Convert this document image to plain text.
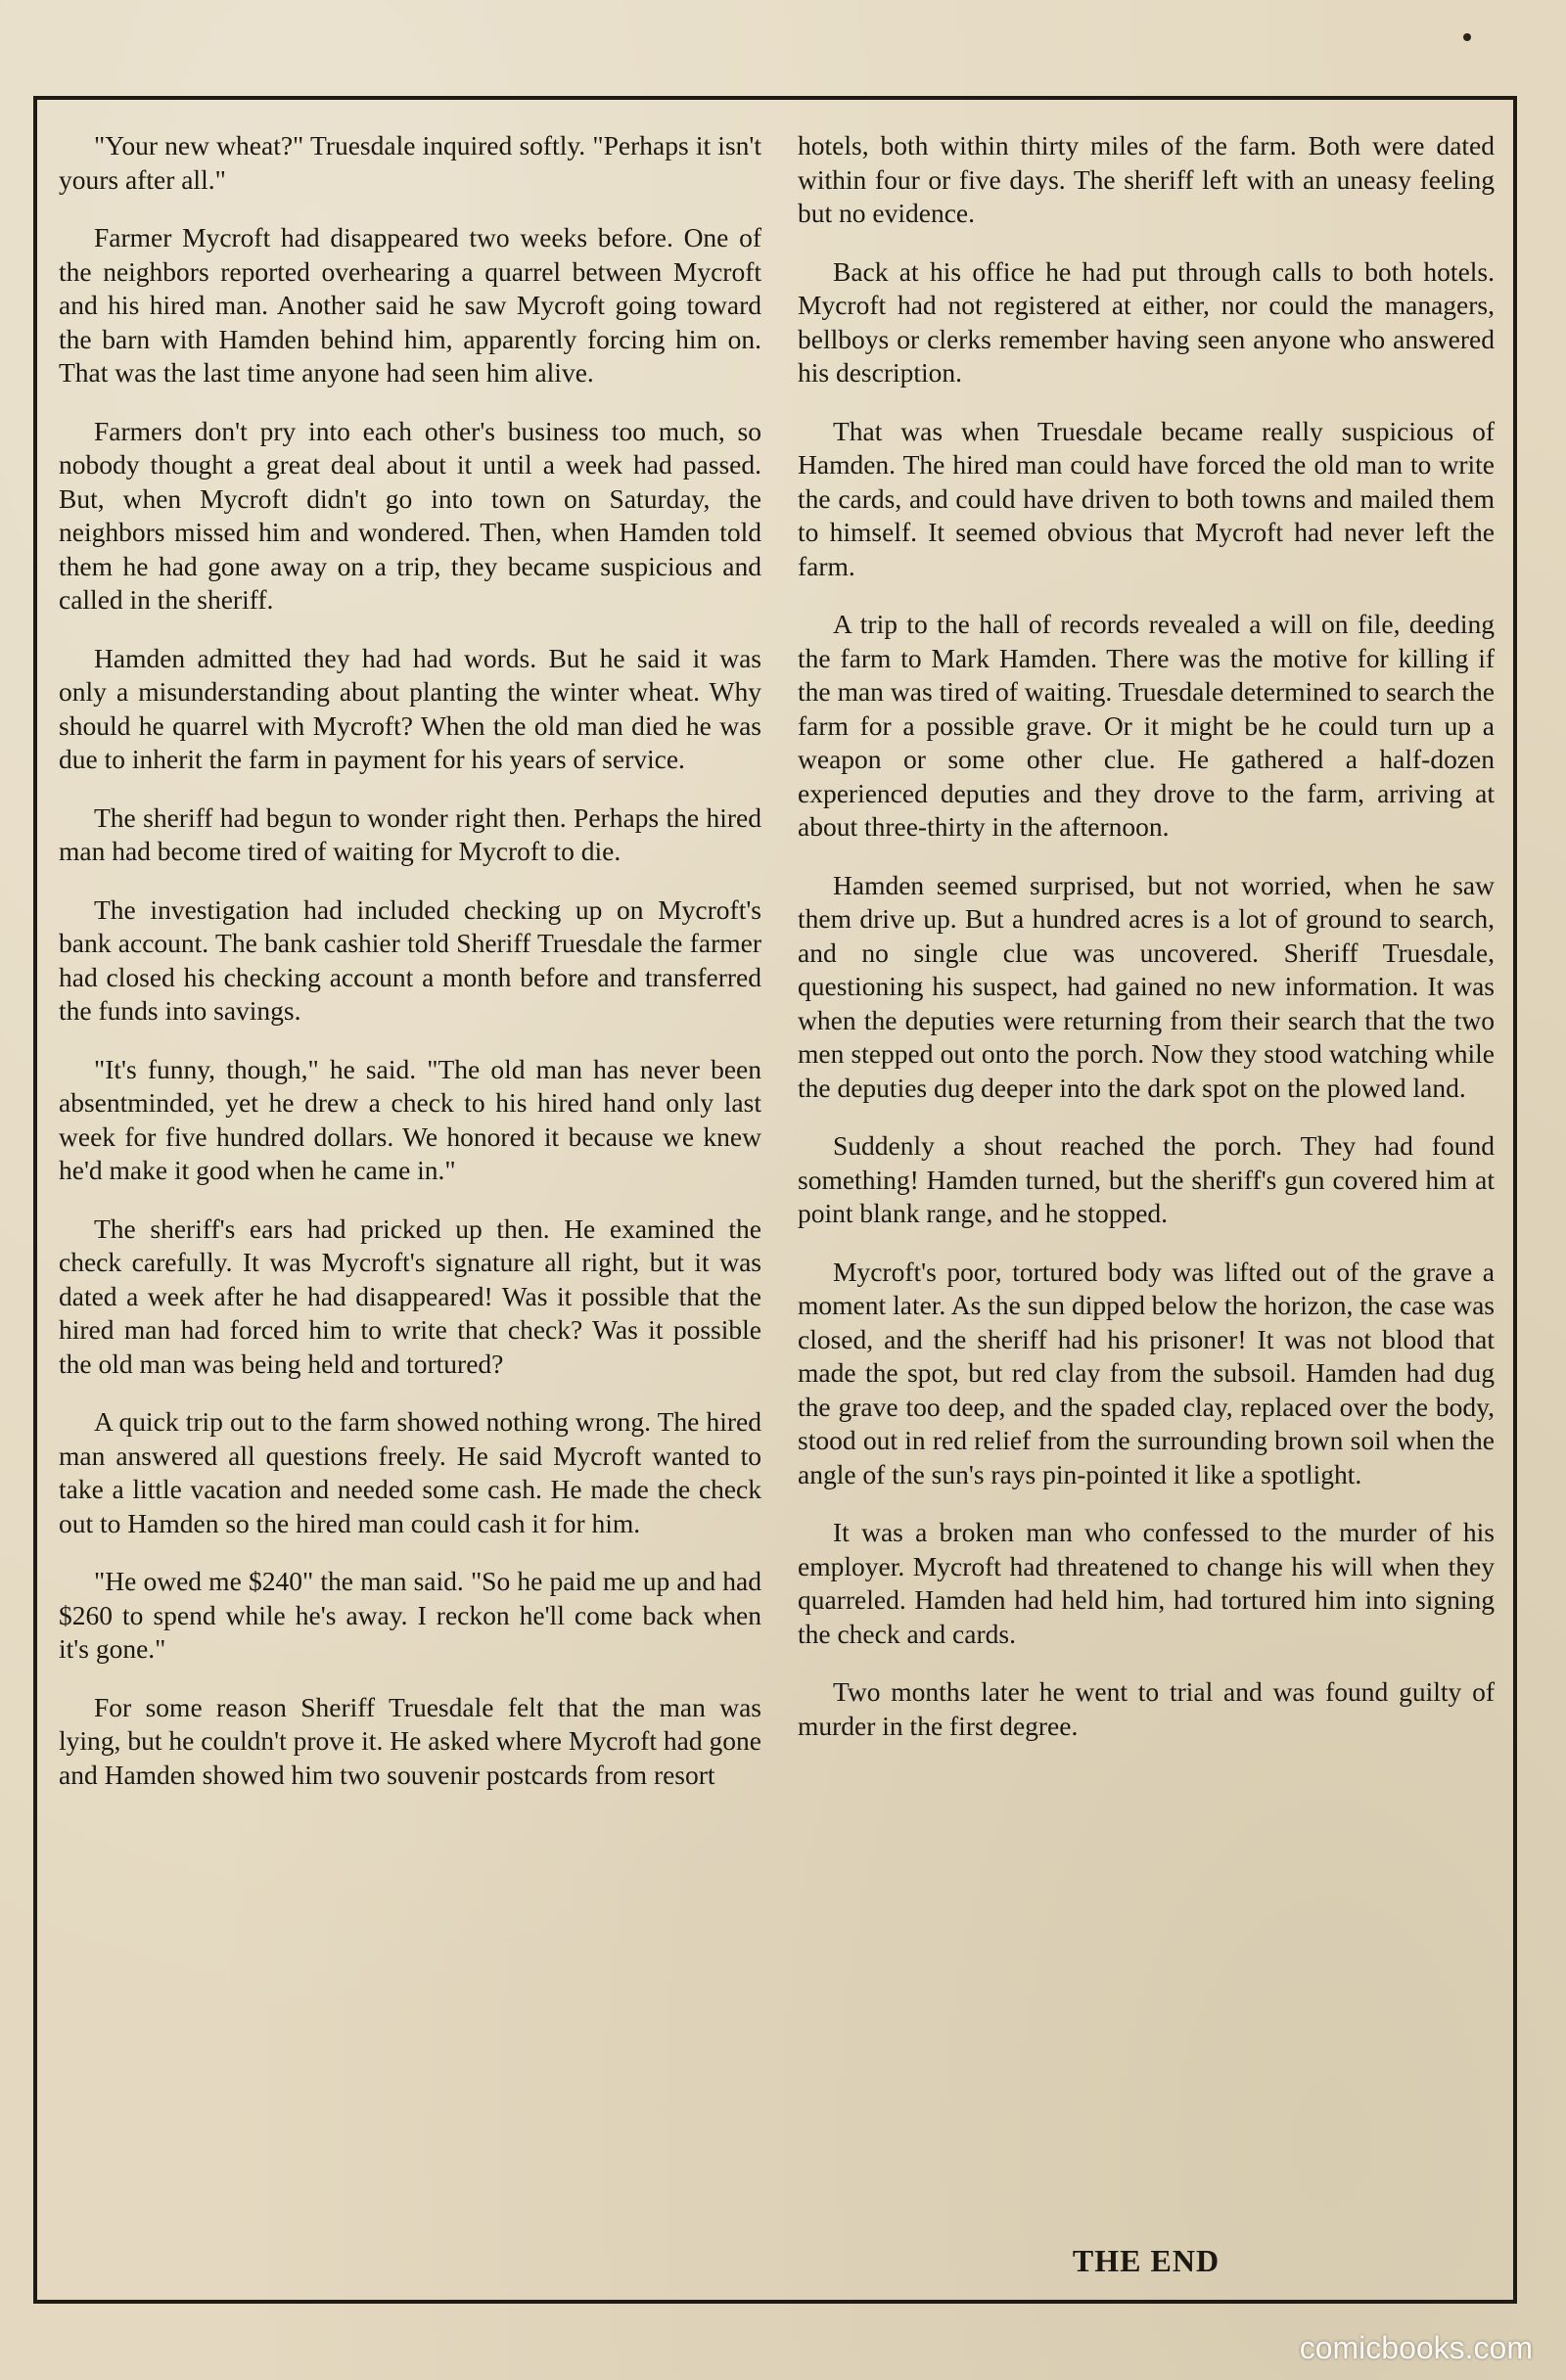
"Your new wheat?" Truesdale inquired softly. "Perhaps it isn't yours after all."

Farmer Mycroft had disappeared two weeks before. One of the neighbors reported overhearing a quarrel between Mycroft and his hired man. Another said he saw Mycroft going toward the barn with Hamden behind him, apparently forcing him on. That was the last time anyone had seen him alive.

Farmers don't pry into each other's business too much, so nobody thought a great deal about it until a week had passed. But, when Mycroft didn't go into town on Saturday, the neighbors missed him and wondered. Then, when Hamden told them he had gone away on a trip, they became suspicious and called in the sheriff.

Hamden admitted they had had words. But he said it was only a misunderstanding about planting the winter wheat. Why should he quarrel with Mycroft? When the old man died he was due to inherit the farm in payment for his years of service.

The sheriff had begun to wonder right then. Perhaps the hired man had become tired of waiting for Mycroft to die.

The investigation had included checking up on Mycroft's bank account. The bank cashier told Sheriff Truesdale the farmer had closed his checking account a month before and transferred the funds into savings.

"It's funny, though," he said. "The old man has never been absentminded, yet he drew a check to his hired hand only last week for five hundred dollars. We honored it because we knew he'd make it good when he came in."

The sheriff's ears had pricked up then. He examined the check carefully. It was Mycroft's signature all right, but it was dated a week after he had disappeared! Was it possible that the hired man had forced him to write that check? Was it possible the old man was being held and tortured?

A quick trip out to the farm showed nothing wrong. The hired man answered all questions freely. He said Mycroft wanted to take a little vacation and needed some cash. He made the check out to Hamden so the hired man could cash it for him.

"He owed me $240" the man said. "So he paid me up and had $260 to spend while he's away. I reckon he'll come back when it's gone."

For some reason Sheriff Truesdale felt that the man was lying, but he couldn't prove it. He asked where Mycroft had gone and Hamden showed him two souvenir postcards from resort

hotels, both within thirty miles of the farm. Both were dated within four or five days. The sheriff left with an uneasy feeling but no evidence.

Back at his office he had put through calls to both hotels. Mycroft had not registered at either, nor could the managers, bellboys or clerks remember having seen anyone who answered his description.

That was when Truesdale became really suspicious of Hamden. The hired man could have forced the old man to write the cards, and could have driven to both towns and mailed them to himself. It seemed obvious that Mycroft had never left the farm.

A trip to the hall of records revealed a will on file, deeding the farm to Mark Hamden. There was the motive for killing if the man was tired of waiting. Truesdale determined to search the farm for a possible grave. Or it might be he could turn up a weapon or some other clue. He gathered a half-dozen experienced deputies and they drove to the farm, arriving at about three-thirty in the afternoon.

Hamden seemed surprised, but not worried, when he saw them drive up. But a hundred acres is a lot of ground to search, and no single clue was uncovered. Sheriff Truesdale, questioning his suspect, had gained no new information. It was when the deputies were returning from their search that the two men stepped out onto the porch. Now they stood watching while the deputies dug deeper into the dark spot on the plowed land.

Suddenly a shout reached the porch. They had found something! Hamden turned, but the sheriff's gun covered him at point blank range, and he stopped.

Mycroft's poor, tortured body was lifted out of the grave a moment later. As the sun dipped below the horizon, the case was closed, and the sheriff had his prisoner! It was not blood that made the spot, but red clay from the subsoil. Hamden had dug the grave too deep, and the spaded clay, replaced over the body, stood out in red relief from the surrounding brown soil when the angle of the sun's rays pin-pointed it like a spotlight.

It was a broken man who confessed to the murder of his employer. Mycroft had threatened to change his will when they quarreled. Hamden had held him, had tortured him into signing the check and cards.

Two months later he went to trial and was found guilty of murder in the first degree.

THE END
comicbooks.com
